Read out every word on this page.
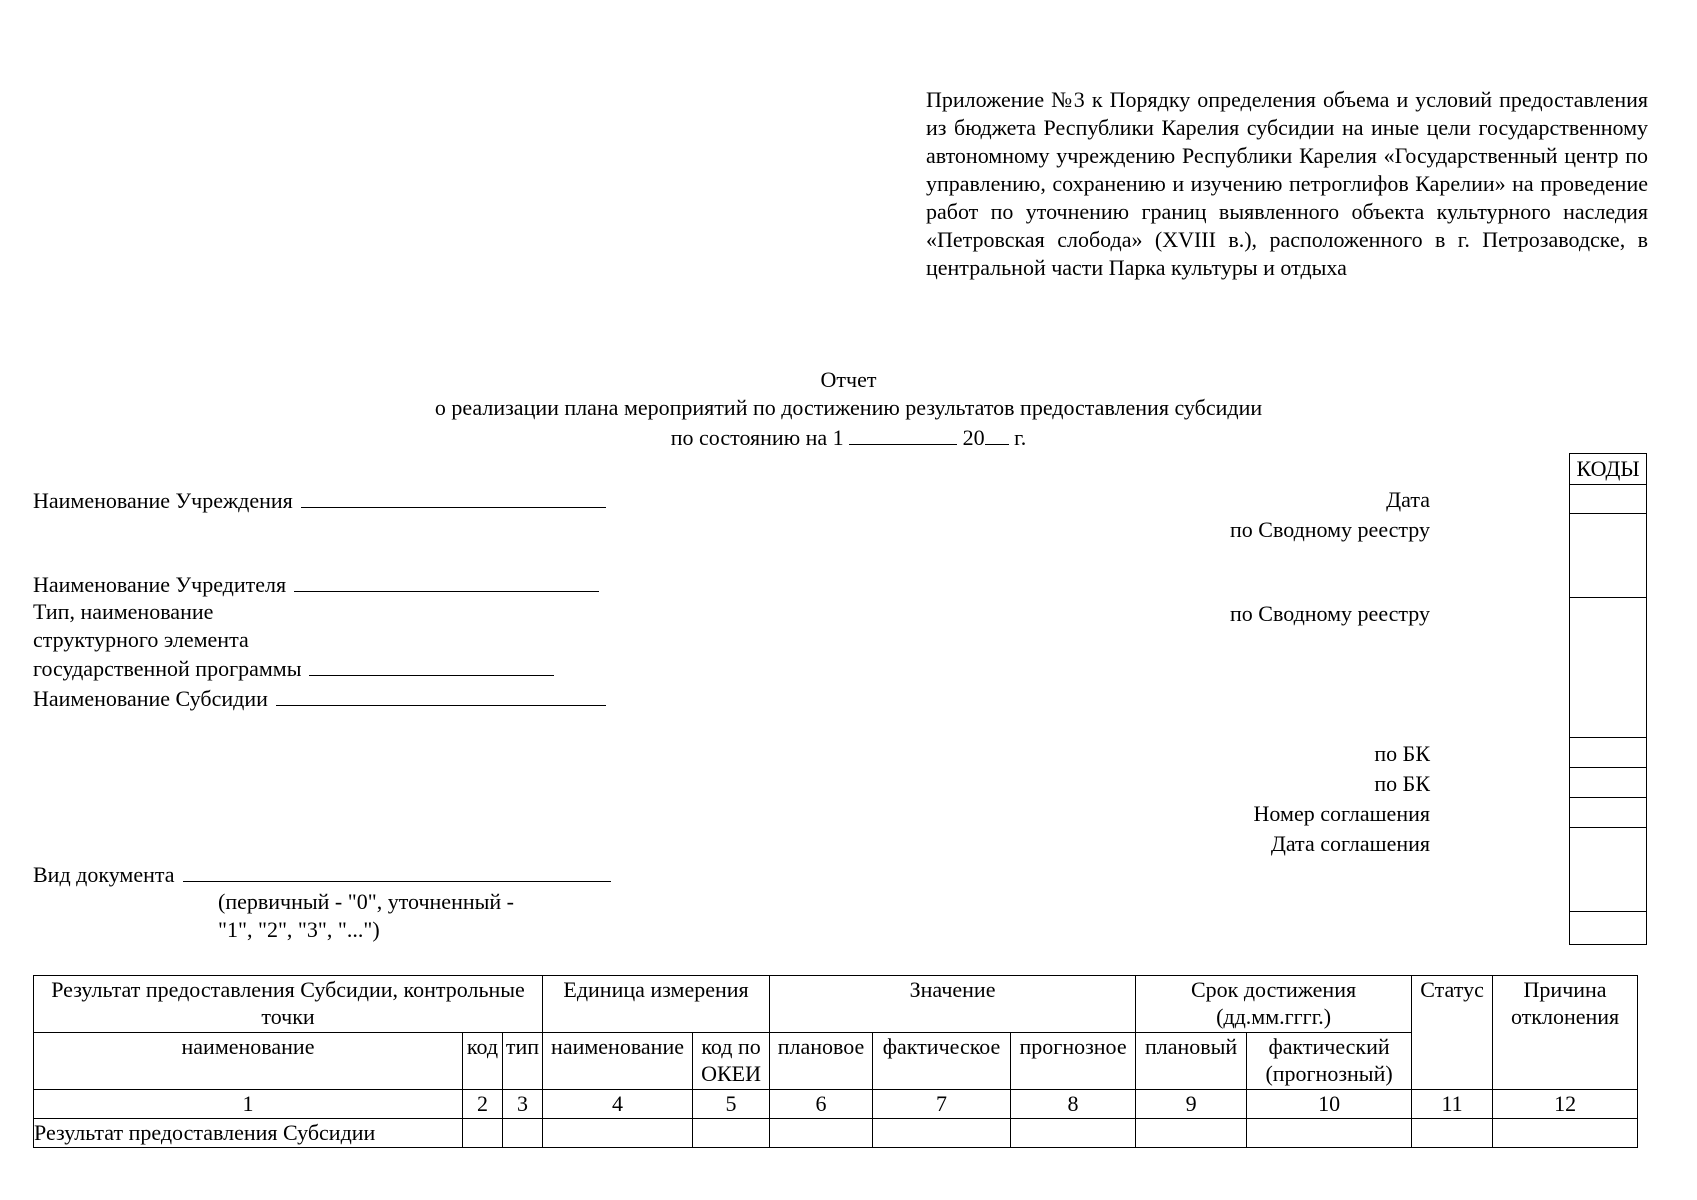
Приложение №3 к Порядку определения объема и условий предоставления из бюджета Республики Карелия субсидии на иные цели государственному автономному учреждению Республики Карелия «Государственный центр по управлению, сохранению и изучению петроглифов Карелии» на проведение работ по уточнению границ выявленного объекта культурного наследия «Петровская слобода» (XVIII в.), расположенного в г. Петрозаводске, в центральной части Парка культуры и отдыха
Отчет
о реализации плана мероприятий по достижению результатов предоставления субсидии
по состоянию на 1	20 г.
Наименование Учреждения
Наименование Учредителя
Тип, наименование
структурного элемента
государственной программы
Наименование Субсидии
Вид документа
(первичный - "0", уточненный -
"1", "2", "3", "...")
Дата
по Сводному реестру
по Сводному реестру
по БК
по БК
Номер соглашения
Дата соглашения
КОДЫ
Результат предоставления Субсидии, контрольные точки			Единица измерения		Значение			Срок достижения (дд.мм.гггг.)		Статус	Причина отклонения
наименование	код	тип	наименование	код по ОКЕИ	плановое	фактическое	прогнозное	плановый	фактический (прогнозный)		
1	2	3	4	5	6	7	8	9	10	11	12
Результат предоставления Субсидии											
